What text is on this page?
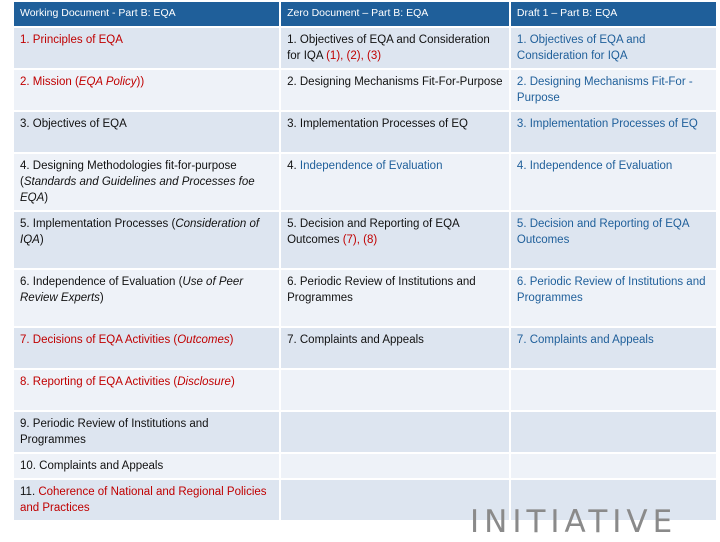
Working Document - Part B: EQA	Zero Document – Part B: EQA	Draft 1 – Part B: EQA
1. Principles of EQA	1. Objectives of EQA and Consideration for IQA (1), (2), (3)	1. Objectives of EQA and Consideration for IQA
2. Mission (EQA Policy))	2. Designing Mechanisms Fit-For-Purpose	2. Designing Mechanisms Fit-For - Purpose
3. Objectives of EQA	3. Implementation Processes of EQ	3. Implementation Processes of EQ
4. Designing Methodologies fit-for-purpose (Standards and Guidelines and Processes foe EQA)	4. Independence of Evaluation	4. Independence of Evaluation
5. Implementation Processes (Consideration of IQA)	5. Decision and Reporting of EQA Outcomes (7), (8)	5. Decision and Reporting of EQA Outcomes
6. Independence of Evaluation (Use of Peer Review Experts)	6. Periodic Review of Institutions and Programmes	6. Periodic Review of Institutions and Programmes
7. Decisions of EQA Activities (Outcomes)	7. Complaints and Appeals	7. Complaints and Appeals
8. Reporting of EQA Activities (Disclosure)		
9. Periodic Review of Institutions and Programmes		
10. Complaints and Appeals		
11. Coherence of National and Regional Policies and Practices			INITIATIVE
